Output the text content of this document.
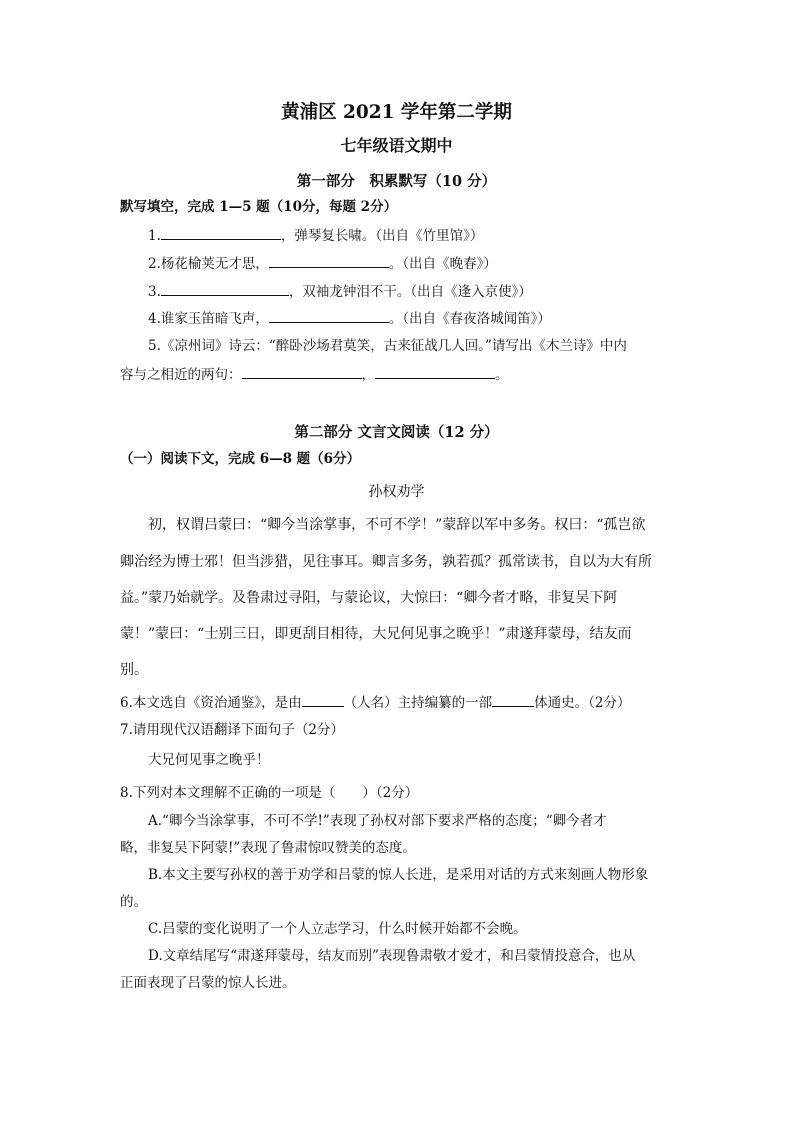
黄浦区 2021 学年第二学期
七年级语文期中
第一部分　积累默写（10 分）
默写填空，完成 1—5 题（10分，每题 2分）
1.	，弹琴复长啸。（出自《竹里馆》）
2.杨花榆荚无才思，	。（出自《晚春》）
3.	，双袖龙钟泪不干。（出自《逢入京使》）
4.谁家玉笛暗飞声，	。（出自《春夜洛城闻笛》）
5.《凉州词》诗云：“醉卧沙场君莫笑，古来征战几人回。”请写出《木兰诗》中内
容与之相近的两句：	，	。
第二部分 文言文阅读（12 分）
（一）阅读下文，完成 6—8 题（6分）
孙权劝学
初，权谓吕蒙曰：“卿今当涂掌事，不可不学！”蒙辞以军中多务。权曰：“孤岂欲
卿治经为博士邪！但当涉猎，见往事耳。卿言多务，孰若孤？孤常读书，自以为大有所
益。”蒙乃始就学。及鲁肃过寻阳，与蒙论议，大惊曰：“卿今者才略，非复吴下阿
蒙！”蒙曰：“士别三日，即更刮目相待，大兄何见事之晚乎！”肃遂拜蒙母，结友而
别。
6.本文选自《资治通鉴》，是由	（人名）主持编纂的一部	体通史。（2分）
7.请用现代汉语翻译下面句子（2分）
大兄何见事之晚乎！
8.下列对本文理解不正确的一项是（　　）（2分）
A.“卿今当涂掌事，不可不学!”表现了孙权对部下要求严格的态度；“卿今者才
略，非复吴下阿蒙!”表现了鲁肃惊叹赞美的态度。
B.本文主要写孙权的善于劝学和吕蒙的惊人长进，是采用对话的方式来刻画人物形象
的。
C.吕蒙的变化说明了一个人立志学习，什么时候开始都不会晚。
D.文章结尾写“肃遂拜蒙母，结友而别”表现鲁肃敬才爱才，和吕蒙情投意合，也从
正面表现了吕蒙的惊人长进。
